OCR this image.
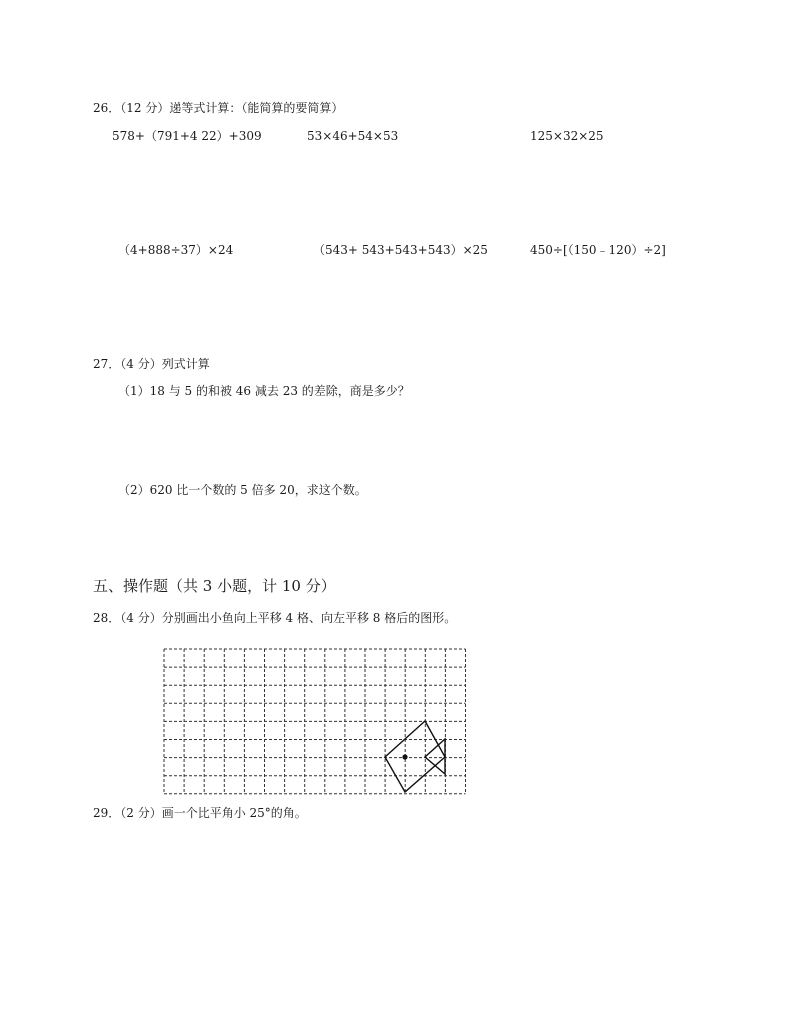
26．（12 分）递等式计算：（能简算的要简算）
578+（791+4 22）+309	53×46+54×53	125×32×25
（4+888÷37）×24	（543+ 543+543+543）×25	450÷[（150﹣120）÷2]
27．（4 分）列式计算
（1）18 与 5 的和被 46 减去 23 的差除，商是多少？
（2）620 比一个数的 5 倍多 20，求这个数。
五、操作题（共 3 小题，计 10 分）
28．（4 分）分别画出小鱼向上平移 4 格、向左平移 8 格后的图形。
29．（2 分）画一个比平角小 25°的角。
